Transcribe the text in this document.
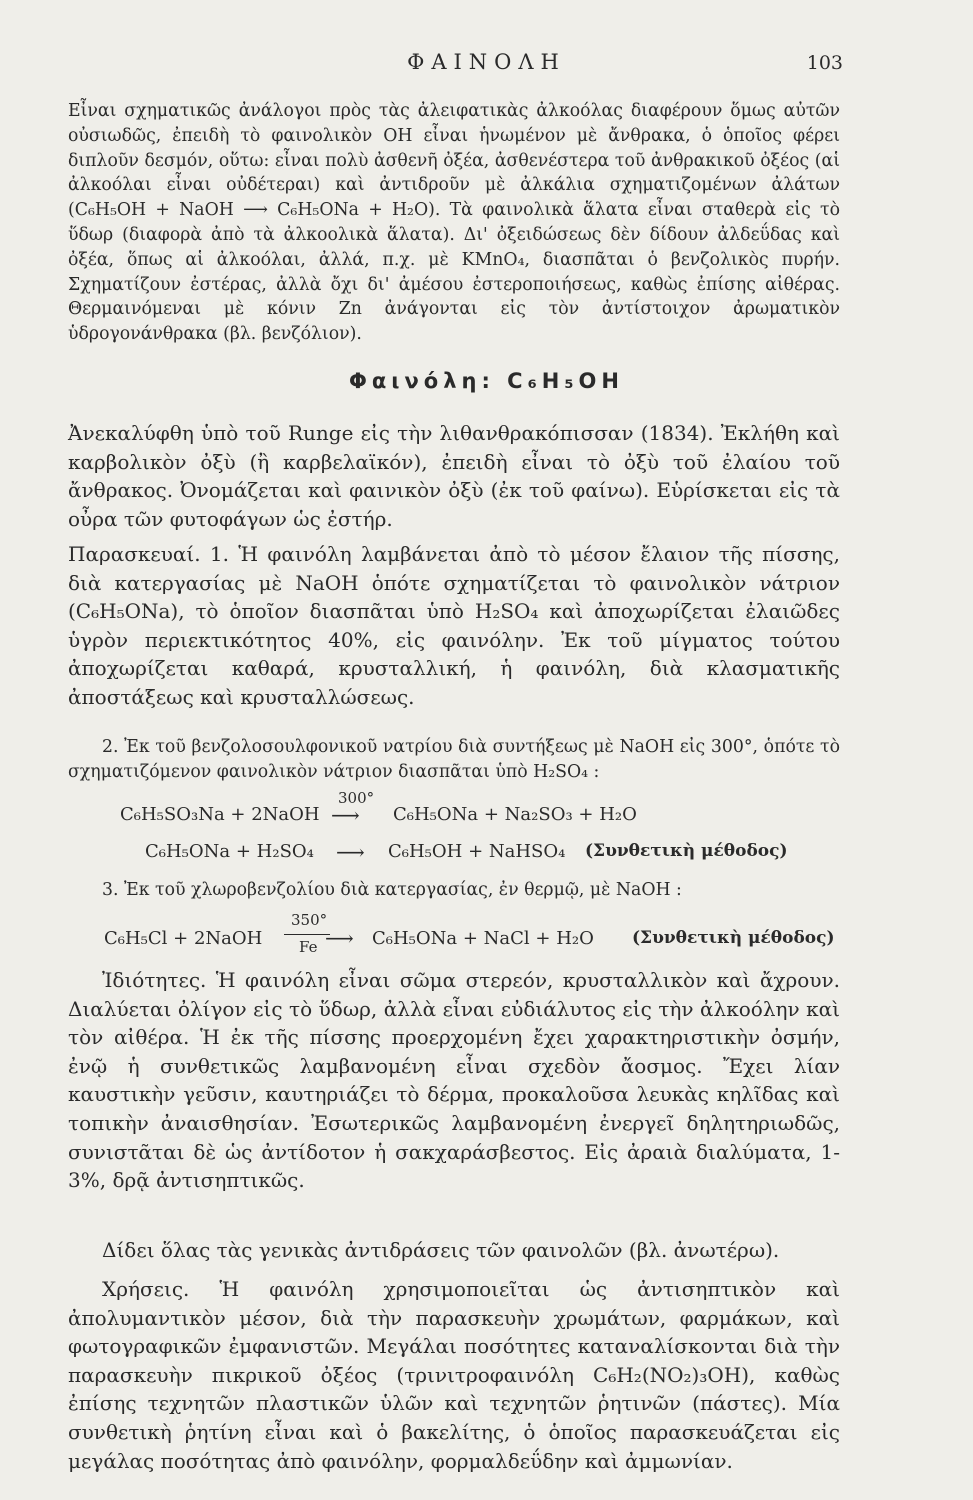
ΦΑΙΝΟΛΗ	103

Εἶναι σχηματικῶς ἀνάλογοι πρὸς τὰς ἀλειφατικὰς ἀλκοόλας διαφέρουν ὅμως αὐτῶν οὐσιωδῶς, ἐπειδὴ τὸ φαινολικὸν OH εἶναι ἡνωμένον μὲ ἄνθρακα, ὁ ὁποῖος φέρει διπλοῦν δεσμόν, οὕτω: εἶναι πολὺ ἀσθενῆ ὀξέα, ἀσθενέστερα τοῦ ἀνθρακικοῦ ὀξέος (αἱ ἀλκοόλαι εἶναι οὐδέτεραι) καὶ ἀντιδροῦν μὲ ἀλκάλια σχηματιζομένων ἀλάτων (C₆H₅OH + NaOH ⟶ C₆H₅ONa + H₂O). Τὰ φαινολικὰ ἅλατα εἶναι σταθερὰ εἰς τὸ ὕδωρ (διαφορὰ ἀπὸ τὰ ἀλκοολικὰ ἅλατα). Δι' ὀξειδώσεως δὲν δίδουν ἀλδεΰδας καὶ ὀξέα, ὅπως αἱ ἀλκοόλαι, ἀλλά, π.χ. μὲ KMnO₄, διασπᾶται ὁ βενζολικὸς πυρήν. Σχηματίζουν ἐστέρας, ἀλλὰ ὄχι δι' ἀμέσου ἐστεροποιήσεως, καθὼς ἐπίσης αἰθέρας. Θερμαινόμεναι μὲ κόνιν Zn ἀνάγονται εἰς τὸν ἀντίστοιχον ἀρωματικὸν ὑδρογονάνθρακα (βλ. βενζόλιον).

Φαινόλη: C₆H₅OH

Ἀνεκαλύφθη ὑπὸ τοῦ Runge εἰς τὴν λιθανθρακόπισσαν (1834). Ἐκλήθη καὶ καρβολικὸν ὀξὺ (ἢ καρβελαϊκόν), ἐπειδὴ εἶναι τὸ ὀξὺ τοῦ ἐλαίου τοῦ ἄνθρακος. Ὀνομάζεται καὶ φαινικὸν ὀξὺ (ἐκ τοῦ φαίνω). Εὑρίσκεται εἰς τὰ οὖρα τῶν φυτοφάγων ὡς ἐστήρ.

Παρασκευαί. 1. Ἡ φαινόλη λαμβάνεται ἀπὸ τὸ μέσον ἔλαιον τῆς πίσσης, διὰ κατεργασίας μὲ NaOH ὁπότε σχηματίζεται τὸ φαινολικὸν νάτριον (C₆H₅ONa), τὸ ὁποῖον διασπᾶται ὑπὸ H₂SO₄ καὶ ἀποχωρίζεται ἐλαιῶδες ὑγρὸν περιεκτικότητος 40%, εἰς φαινόλην. Ἐκ τοῦ μίγματος τούτου ἀποχωρίζεται καθαρά, κρυσταλλική, ἡ φαινόλη, διὰ κλασματικῆς ἀποστάξεως καὶ κρυσταλλώσεως.

2. Ἐκ τοῦ βενζολοσουλφονικοῦ νατρίου διὰ συντήξεως μὲ NaOH εἰς 300°, ὁπότε τὸ σχηματιζόμενον φαινολικὸν νάτριον διασπᾶται ὑπὸ H₂SO₄ :

C₆H₅SO₃Na + 2NaOH
300°
⟶ C₆H₅ONa + Na₂SO₃ + H₂O
C₆H₅ONa + H₂SO₄ ⟶ C₆H₅OH + NaHSO₄ (Συνθετικὴ μέθοδος)

3. Ἐκ τοῦ χλωροβενζολίου διὰ κατεργασίας, ἐν θερμῷ, μὲ NaOH :

C₆H₅Cl + 2NaOH
350°
Fe ⟶ C₆H₅ONa + NaCl + H₂O (Συνθετικὴ μέθοδος)

Ἰδιότητες. Ἡ φαινόλη εἶναι σῶμα στερεόν, κρυσταλλικὸν καὶ ἄχρουν. Διαλύεται ὀλίγον εἰς τὸ ὕδωρ, ἀλλὰ εἶναι εὐδιάλυτος εἰς τὴν ἀλκοόλην καὶ τὸν αἰθέρα. Ἡ ἐκ τῆς πίσσης προερχομένη ἔχει χαρακτηριστικὴν ὀσμήν, ἐνῷ ἡ συνθετικῶς λαμβανομένη εἶναι σχεδὸν ἄοσμος. Ἔχει λίαν καυστικὴν γεῦσιν, καυτηριάζει τὸ δέρμα, προκαλοῦσα λευκὰς κηλῖδας καὶ τοπικὴν ἀναισθησίαν. Ἐσωτερικῶς λαμβανομένη ἐνεργεῖ δηλητηριωδῶς, συνιστᾶται δὲ ὡς ἀντίδοτον ἡ σακχαράσβεστος. Εἰς ἀραιὰ διαλύματα, 1-3%, δρᾷ ἀντισηπτικῶς.

Δίδει ὅλας τὰς γενικὰς ἀντιδράσεις τῶν φαινολῶν (βλ. ἀνωτέρω).

Χρήσεις. Ἡ φαινόλη χρησιμοποιεῖται ὡς ἀντισηπτικὸν καὶ ἀπολυμαντικὸν μέσον, διὰ τὴν παρασκευὴν χρωμάτων, φαρμάκων, καὶ φωτογραφικῶν ἐμφανιστῶν. Μεγάλαι ποσότητες καταναλίσκονται διὰ τὴν παρασκευὴν πικρικοῦ ὀξέος (τρινιτροφαινόλη C₆H₂(NO₂)₃OH), καθὼς ἐπίσης τεχνητῶν πλαστικῶν ὑλῶν καὶ τεχνητῶν ῥητινῶν (πάστες). Μία συνθετικὴ ῥητίνη εἶναι καὶ ὁ βακελίτης, ὁ ὁποῖος παρασκευάζεται εἰς μεγάλας ποσότητας ἀπὸ φαινόλην, φορμαλδεΰδην καὶ ἀμμωνίαν.
